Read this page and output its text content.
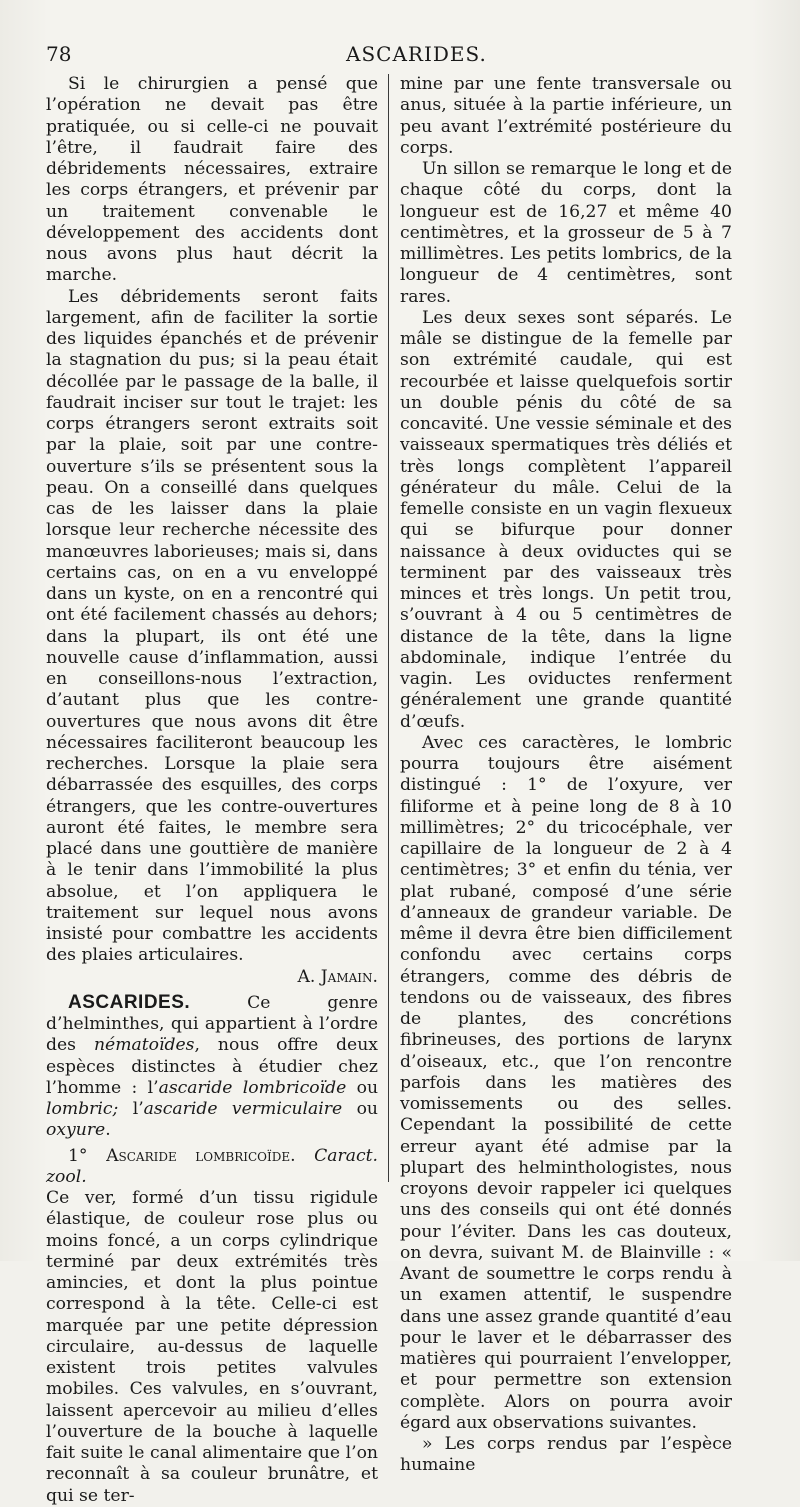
78	ASCARIDES.

Si le chirurgien a pensé que l’opération ne devait pas être pratiquée, ou si celle-ci ne pouvait l’être, il faudrait faire des débridements nécessaires, extraire les corps étrangers, et prévenir par un traitement convenable le développement des accidents dont nous avons plus haut décrit la marche.

Les débridements seront faits largement, afin de faciliter la sortie des liquides épanchés et de prévenir la stagnation du pus; si la peau était décollée par le passage de la balle, il faudrait inciser sur tout le trajet: les corps étrangers seront extraits soit par la plaie, soit par une contre-ouverture s’ils se présentent sous la peau. On a conseillé dans quelques cas de les laisser dans la plaie lorsque leur recherche nécessite des manœuvres laborieuses; mais si, dans certains cas, on en a vu enveloppé dans un kyste, on en a rencontré qui ont été facilement chassés au dehors; dans la plupart, ils ont été une nouvelle cause d’inflammation, aussi en conseillons-nous l’extraction, d’autant plus que les contre-ouvertures que nous avons dit être nécessaires faciliteront beaucoup les recherches. Lorsque la plaie sera débarrassée des esquilles, des corps étrangers, que les contre-ouvertures auront été faites, le membre sera placé dans une gouttière de manière à le tenir dans l’immobilité la plus absolue, et l’on appliquera le traitement sur lequel nous avons insisté pour combattre les accidents des plaies articulaires.

A. Jamain.

ASCARIDES.	Ce genre d’helminthes, qui appartient à l’ordre des nématoïdes, nous offre deux espèces distinctes à étudier chez l’homme : l’ascaride lombricoïde ou lombric; l’ascaride vermiculaire ou oxyure.

1° Ascaride lombricoïde. Caract. zool.

Ce ver, formé d’un tissu rigidule élastique, de couleur rose plus ou moins foncé, a un corps cylindrique terminé par deux extrémités très amincies, et dont la plus pointue correspond à la tête. Celle-ci est marquée par une petite dépression circulaire, au-dessus de laquelle existent trois petites valvules mobiles. Ces valvules, en s’ouvrant, laissent apercevoir au milieu d’elles l’ouverture de la bouche à laquelle fait suite le canal alimentaire que l’on reconnaît à sa couleur brunâtre, et qui se ter-

mine par une fente transversale ou anus, située à la partie inférieure, un peu avant l’extrémité postérieure du corps.

Un sillon se remarque le long et de chaque côté du corps, dont la longueur est de 16,27 et même 40 centimètres, et la grosseur de 5 à 7 millimètres. Les petits lombrics, de la longueur de 4 centimètres, sont rares.

Les deux sexes sont séparés. Le mâle se distingue de la femelle par son extrémité caudale, qui est recourbée et laisse quelquefois sortir un double pénis du côté de sa concavité. Une vessie séminale et des vaisseaux spermatiques très déliés et très longs complètent l’appareil générateur du mâle. Celui de la femelle consiste en un vagin flexueux qui se bifurque pour donner naissance à deux oviductes qui se terminent par des vaisseaux très minces et très longs. Un petit trou, s’ouvrant à 4 ou 5 centimètres de distance de la tête, dans la ligne abdominale, indique l’entrée du vagin. Les oviductes renferment généralement une grande quantité d’œufs.

Avec ces caractères, le lombric pourra toujours être aisément distingué : 1° de l’oxyure, ver filiforme et à peine long de 8 à 10 millimètres; 2° du tricocéphale, ver capillaire de la longueur de 2 à 4 centimètres; 3° et enfin du ténia, ver plat rubané, composé d’une série d’anneaux de grandeur variable. De même il devra être bien difficilement confondu avec certains corps étrangers, comme des débris de tendons ou de vaisseaux, des fibres de plantes, des concrétions fibrineuses, des portions de larynx d’oiseaux, etc., que l’on rencontre parfois dans les matières des vomissements ou des selles. Cependant la possibilité de cette erreur ayant été admise par la plupart des helminthologistes, nous croyons devoir rappeler ici quelques uns des conseils qui ont été donnés pour l’éviter. Dans les cas douteux, on devra, suivant M. de Blainville : « Avant de soumettre le corps rendu à un examen attentif, le suspendre dans une assez grande quantité d’eau pour le laver et le débarrasser des matières qui pourraient l’envelopper, et pour permettre son extension complète. Alors on pourra avoir égard aux observations suivantes.

» Les corps rendus par l’espèce humaine
